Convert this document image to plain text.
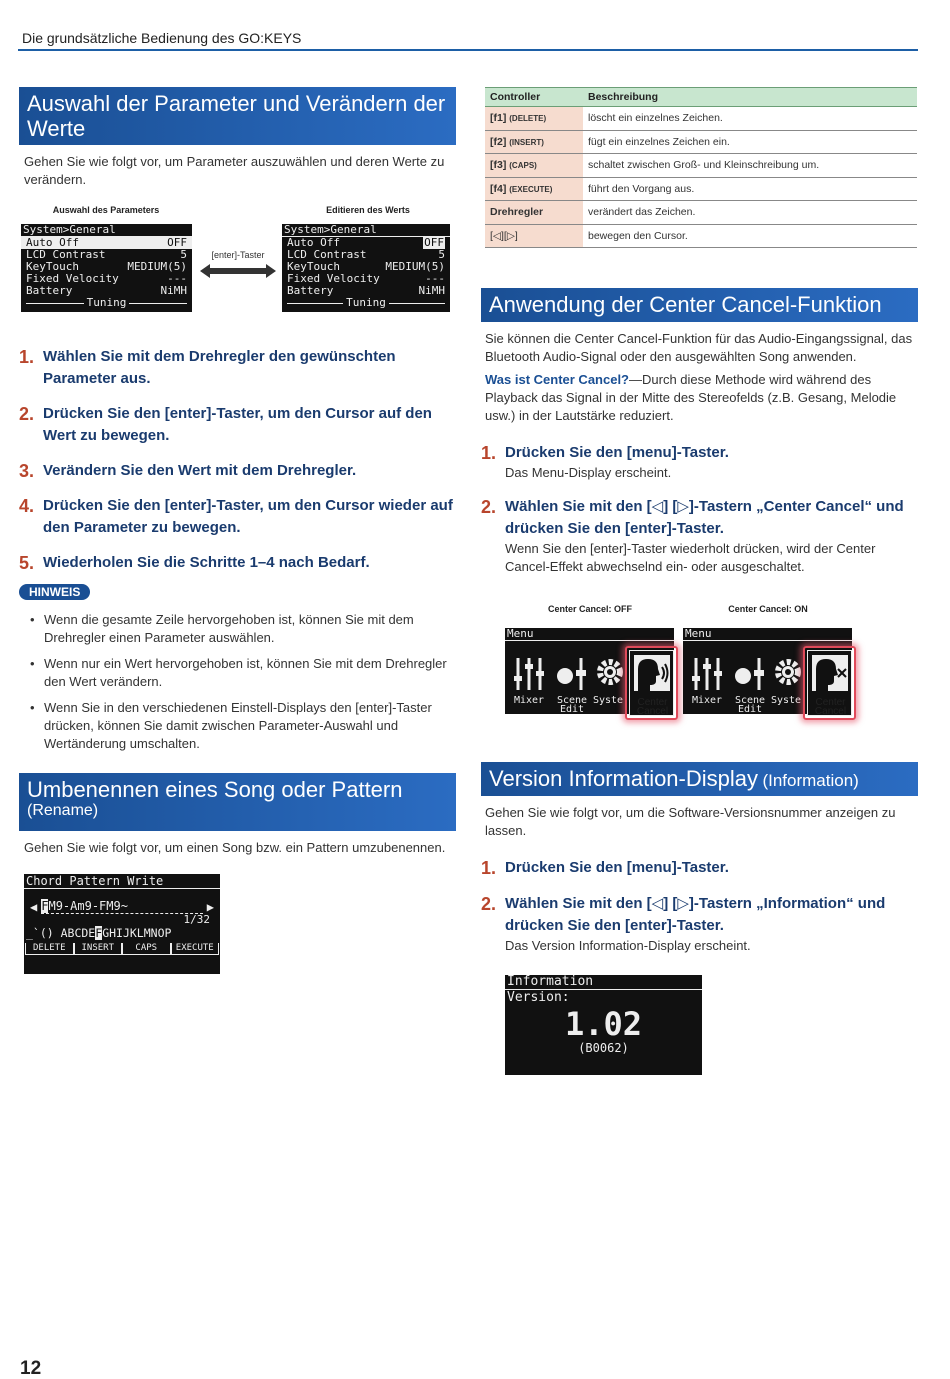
Die grundsätzliche Bedienung des GO:KEYS
Auswahl der Parameter und Verändern der Werte
Gehen Sie wie folgt vor, um Parameter auszuwählen und deren Werte zu verändern.
Auswahl des Parameters	Editieren des Werts
System>General
Auto Off	OFF
LCD Contrast	5
KeyTouch	MEDIUM(5)
Fixed Velocity	---
Battery	NiMH
Tuning
[enter]-Taster
System>General
Auto Off	OFF
LCD Contrast	5
KeyTouch	MEDIUM(5)
Fixed Velocity	---
Battery	NiMH
Tuning
1. Wählen Sie mit dem Drehregler den gewünschten Parameter aus.
2. Drücken Sie den [enter]-Taster, um den Cursor auf den Wert zu bewegen.
3. Verändern Sie den Wert mit dem Drehregler.
4. Drücken Sie den [enter]-Taster, um den Cursor wieder auf den Parameter zu bewegen.
5. Wiederholen Sie die Schritte 1–4 nach Bedarf.
HINWEIS
• Wenn die gesamte Zeile hervorgehoben ist, können Sie mit dem Drehregler einen Parameter auswählen.
• Wenn nur ein Wert hervorgehoben ist, können Sie mit dem Drehregler den Wert verändern.
• Wenn Sie in den verschiedenen Einstell-Displays den [enter]-Taster drücken, können Sie damit zwischen Parameter-Auswahl und Wertänderung umschalten.
Umbenennen eines Song oder Pattern
(Rename)
Gehen Sie wie folgt vor, um einen Song bzw. ein Pattern umzubenennen.
Chord Pattern Write
◀ FM9-Am9-FM9~	▶
1/32
_`() ABCDEFGHIJKLMNOP
DELETE	INSERT	CAPS	EXECUTE
Controller	Beschreibung
[f1] (DELETE)	löscht ein einzelnes Zeichen.
[f2] (INSERT)	fügt ein einzelnes Zeichen ein.
[f3] (CAPS)	schaltet zwischen Groß- und Kleinschreibung um.
[f4] (EXECUTE)	führt den Vorgang aus.
Drehregler	verändert das Zeichen.
[◁][▷]	bewegen den Cursor.
Anwendung der Center Cancel-Funktion
Sie können die Center Cancel-Funktion für das Audio-Eingangssignal, das Bluetooth Audio-Signal oder den ausgewählten Song anwenden.
Was ist Center Cancel?—Durch diese Methode wird während des Playback das Signal in der Mitte des Stereofelds (z.B. Gesang, Melodie usw.) in der Lautstärke reduziert.
1. Drücken Sie den [menu]-Taster.
Das Menu-Display erscheint.
2. Wählen Sie mit den [◁] [▷]-Tastern „Center Cancel“ und drücken Sie den [enter]-Taster.
Wenn Sie den [enter]-Taster wiederholt drücken, wird der Center Cancel-Effekt abwechselnd ein- oder ausgeschaltet.
Center Cancel: OFF	Center Cancel: ON
Menu
Mixer	Scene
Edit
Syste	Center
Cancel
Menu
Mixer	Scene
Edit
Syste	Center
Cancel
Version Information-Display (Information)
Gehen Sie wie folgt vor, um die Software-Versionsnummer anzeigen zu lassen.
1. Drücken Sie den [menu]-Taster.
2. Wählen Sie mit den [◁] [▷]-Tastern „Information“ und drücken Sie den [enter]-Taster.
Das Version Information-Display erscheint.
Information
Version:
1.02
(B0062)
12
